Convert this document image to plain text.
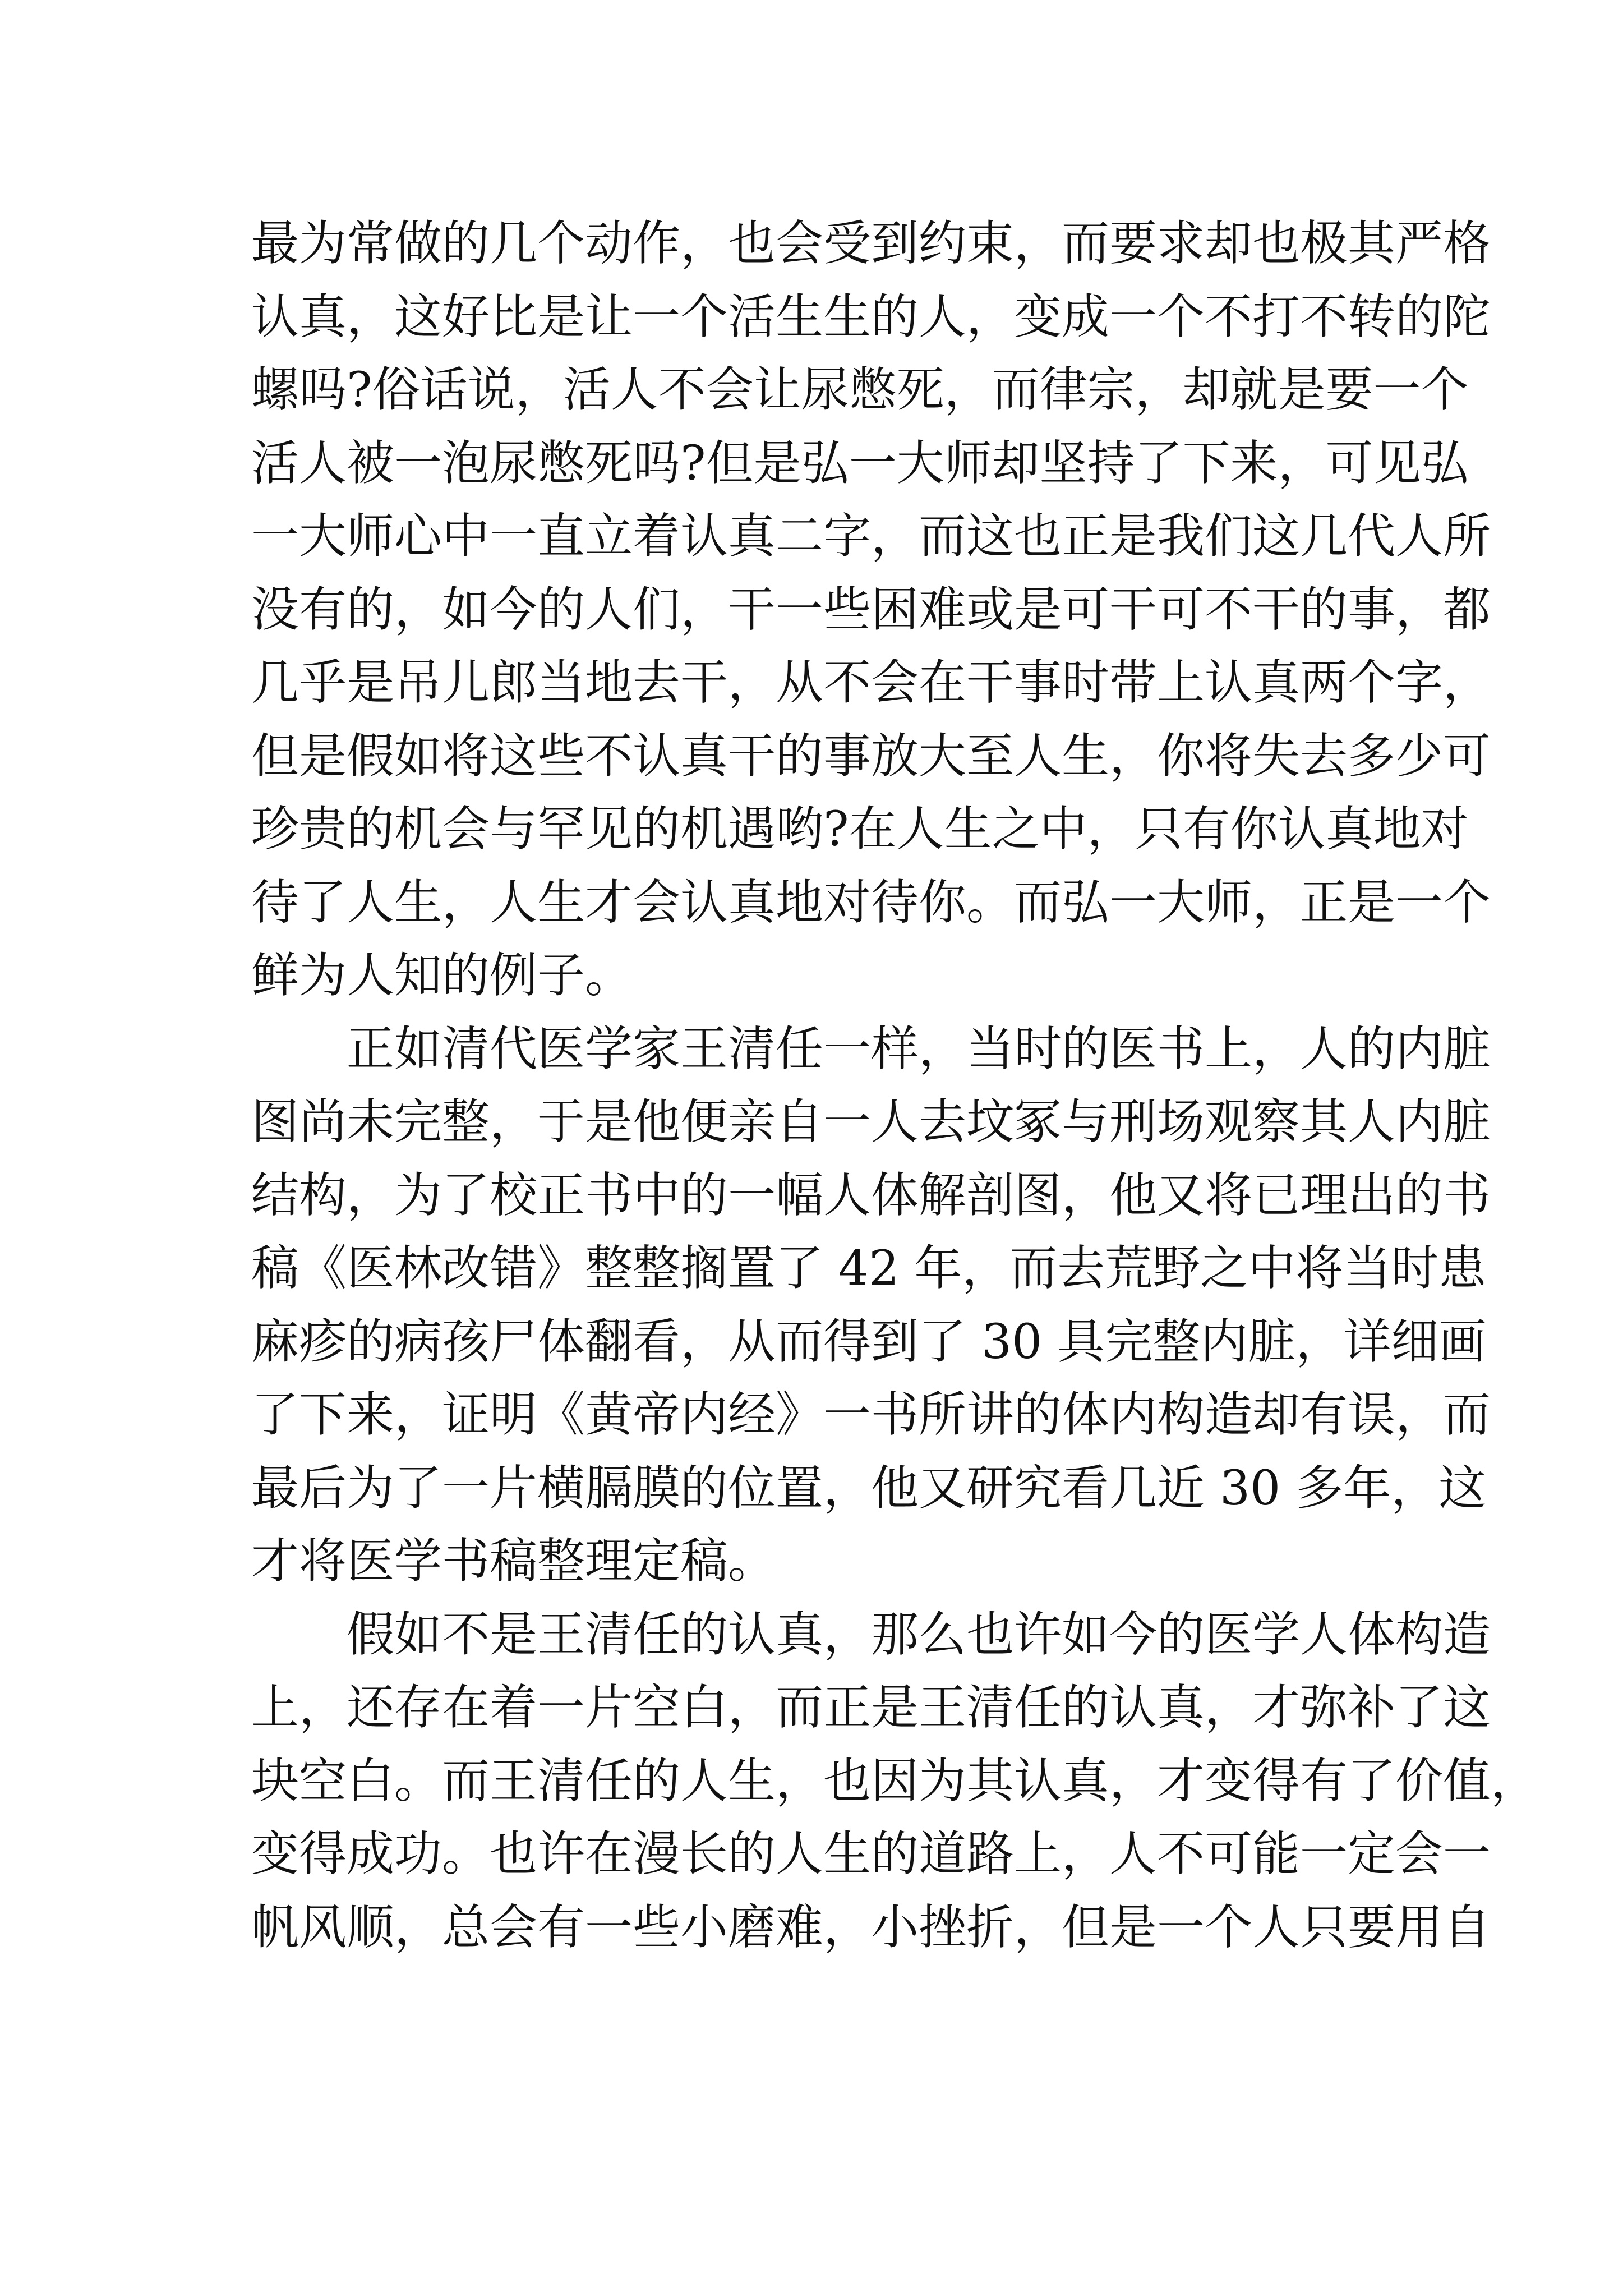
最为常做的几个动作，也会受到约束，而要求却也极其严格
认真，这好比是让一个活生生的人，变成一个不打不转的陀
螺吗?俗话说，活人不会让尿憋死，而律宗，却就是要一个
活人被一泡尿憋死吗?但是弘一大师却坚持了下来，可见弘
一大师心中一直立着认真二字，而这也正是我们这几代人所
没有的，如今的人们，干一些困难或是可干可不干的事，都
几乎是吊儿郎当地去干，从不会在干事时带上认真两个字，
但是假如将这些不认真干的事放大至人生，你将失去多少可
珍贵的机会与罕见的机遇哟?在人生之中，只有你认真地对
待了人生，人生才会认真地对待你。而弘一大师，正是一个
鲜为人知的例子。
正如清代医学家王清任一样，当时的医书上，人的内脏
图尚未完整，于是他便亲自一人去坟冢与刑场观察其人内脏
结构，为了校正书中的一幅人体解剖图，他又将已理出的书
稿《医林改错》整整搁置了 42 年，而去荒野之中将当时患
麻疹的病孩尸体翻看，从而得到了 30 具完整内脏，详细画
了下来，证明《黄帝内经》一书所讲的体内构造却有误，而
最后为了一片横膈膜的位置，他又研究看几近 30 多年，这
才将医学书稿整理定稿。
假如不是王清任的认真，那么也许如今的医学人体构造
上，还存在着一片空白，而正是王清任的认真，才弥补了这
块空白。而王清任的人生，也因为其认真，才变得有了价值，
变得成功。也许在漫长的人生的道路上，人不可能一定会一
帆风顺，总会有一些小磨难，小挫折，但是一个人只要用自
